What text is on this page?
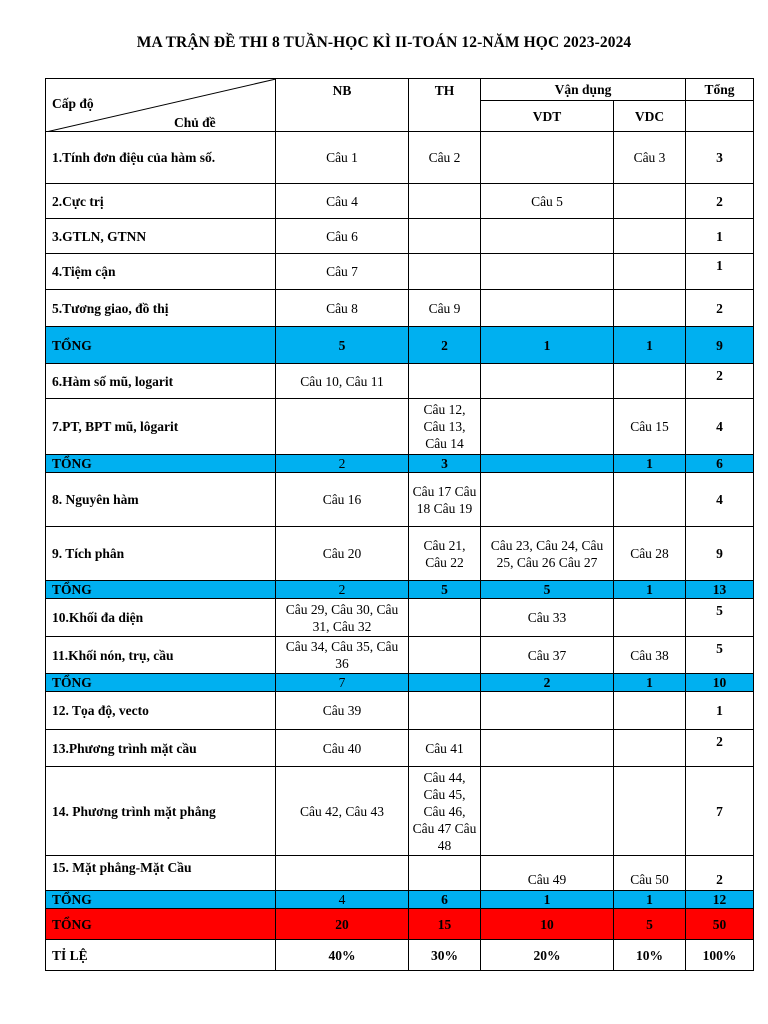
MA TRẬN ĐỀ THI 8 TUẦN-HỌC KÌ II-TOÁN 12-NĂM HỌC 2023-2024
Cấp độ
Chủ đề	NB	TH	Vận dụng		Tổng
			VDT	VDC	
1.Tính đơn điệu của hàm số.	Câu 1	Câu 2		Câu 3	3
2.Cực trị	Câu 4		Câu 5		2
3.GTLN, GTNN	Câu 6				1
4.Tiệm cận	Câu 7				1
5.Tương giao, đồ thị	Câu 8	Câu 9			2
TỔNG	5	2	1	1	9
6.Hàm số mũ, logarit	Câu 10, Câu 11				2
7.PT, BPT mũ, lôgarit		Câu 12, Câu 13, Câu 14		Câu 15	4
TỔNG	2	3		1	6
8. Nguyên hàm	Câu 16	Câu 17 Câu 18 Câu 19			4
9. Tích phân	Câu 20	Câu 21, Câu 22	Câu 23, Câu 24, Câu 25, Câu 26 Câu 27	Câu 28	9
TỔNG	2	5	5	1	13
10.Khối đa diện	Câu 29, Câu 30, Câu 31, Câu 32		Câu 33		5
11.Khối nón, trụ, cầu	Câu 34, Câu 35, Câu 36		Câu 37	Câu 38	5
TỔNG	7		2	1	10
12. Tọa độ, vecto	Câu 39				1
13.Phương trình mặt cầu	Câu 40	Câu 41			2
14. Phương trình mặt phẳng	Câu 42, Câu 43	Câu 44, Câu 45, Câu 46, Câu 47 Câu 48			7
15. Mặt phẳng-Mặt Cầu			Câu 49	Câu 50	2
TỔNG	4	6	1	1	12
TỔNG	20	15	10	5	50
TỈ LỆ	40%	30%	20%	10%	100%
